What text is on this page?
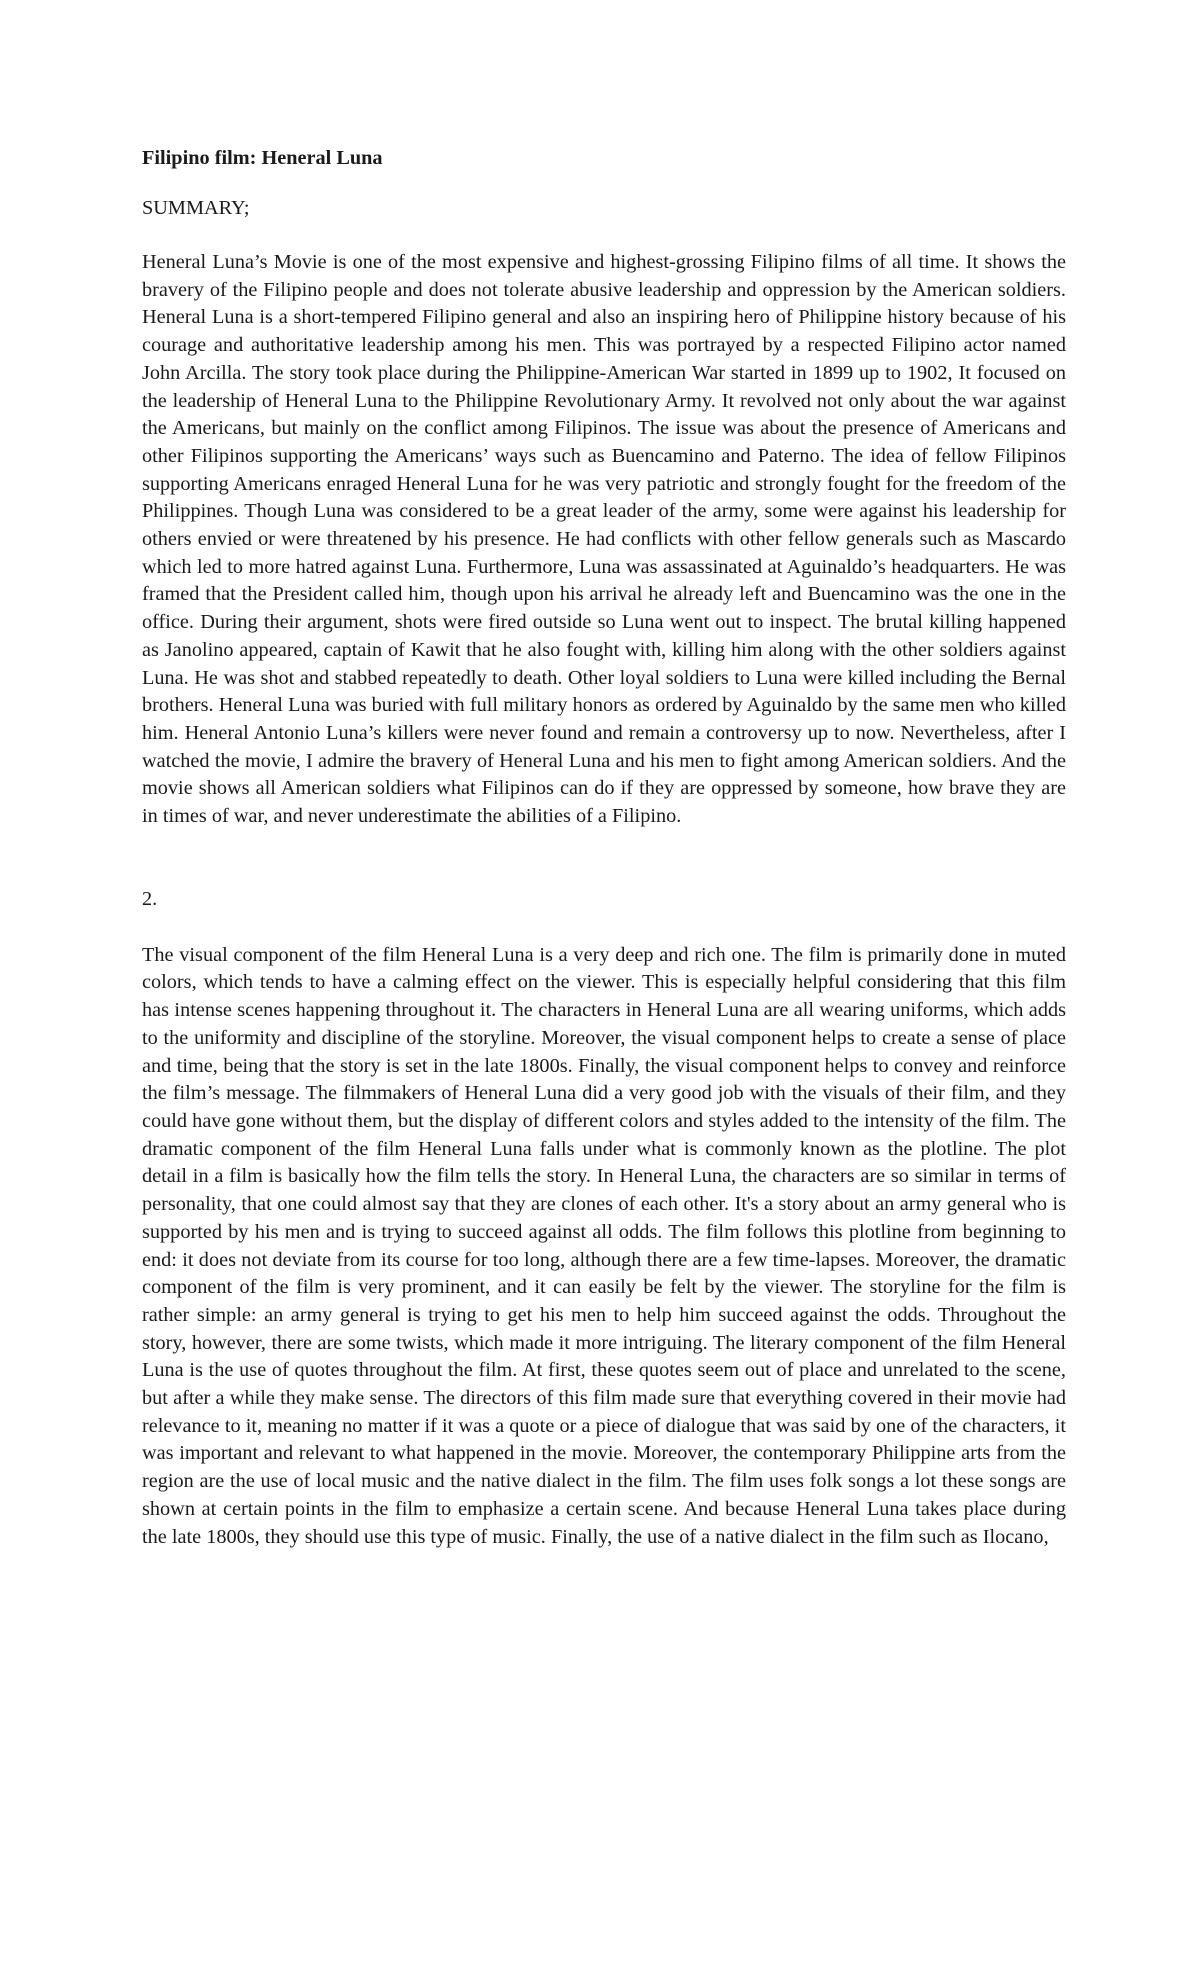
Filipino film: Heneral Luna

SUMMARY;

Heneral Luna’s Movie is one of the most expensive and highest-grossing Filipino films of all time. It shows the bravery of the Filipino people and does not tolerate abusive leadership and oppression by the American soldiers. Heneral Luna is a short-tempered Filipino general and also an inspiring hero of Philippine history because of his courage and authoritative leadership among his men. This was portrayed by a respected Filipino actor named John Arcilla. The story took place during the Philippine-American War started in 1899 up to 1902, It focused on the leadership of Heneral Luna to the Philippine Revolutionary Army. It revolved not only about the war against the Americans, but mainly on the conflict among Filipinos. The issue was about the presence of Americans and other Filipinos supporting the Americans’ ways such as Buencamino and Paterno. The idea of fellow Filipinos supporting Americans enraged Heneral Luna for he was very patriotic and strongly fought for the freedom of the Philippines. Though Luna was considered to be a great leader of the army, some were against his leadership for others envied or were threatened by his presence. He had conflicts with other fellow generals such as Mascardo which led to more hatred against Luna. Furthermore, Luna was assassinated at Aguinaldo’s headquarters. He was framed that the President called him, though upon his arrival he already left and Buencamino was the one in the office. During their argument, shots were fired outside so Luna went out to inspect. The brutal killing happened as Janolino appeared, captain of Kawit that he also fought with, killing him along with the other soldiers against Luna. He was shot and stabbed repeatedly to death. Other loyal soldiers to Luna were killed including the Bernal brothers. Heneral Luna was buried with full military honors as ordered by Aguinaldo by the same men who killed him. Heneral Antonio Luna’s killers were never found and remain a controversy up to now. Nevertheless, after I watched the movie, I admire the bravery of Heneral Luna and his men to fight among American soldiers. And the movie shows all American soldiers what Filipinos can do if they are oppressed by someone, how brave they are in times of war, and never underestimate the abilities of a Filipino.

2.

The visual component of the film Heneral Luna is a very deep and rich one. The film is primarily done in muted colors, which tends to have a calming effect on the viewer. This is especially helpful considering that this film has intense scenes happening throughout it. The characters in Heneral Luna are all wearing uniforms, which adds to the uniformity and discipline of the storyline. Moreover, the visual component helps to create a sense of place and time, being that the story is set in the late 1800s. Finally, the visual component helps to convey and reinforce the film’s message. The filmmakers of Heneral Luna did a very good job with the visuals of their film, and they could have gone without them, but the display of different colors and styles added to the intensity of the film. The dramatic component of the film Heneral Luna falls under what is commonly known as the plotline. The plot detail in a film is basically how the film tells the story. In Heneral Luna, the characters are so similar in terms of personality, that one could almost say that they are clones of each other. It's a story about an army general who is supported by his men and is trying to succeed against all odds. The film follows this plotline from beginning to end: it does not deviate from its course for too long, although there are a few time-lapses. Moreover, the dramatic component of the film is very prominent, and it can easily be felt by the viewer. The storyline for the film is rather simple: an army general is trying to get his men to help him succeed against the odds. Throughout the story, however, there are some twists, which made it more intriguing. The literary component of the film Heneral Luna is the use of quotes throughout the film. At first, these quotes seem out of place and unrelated to the scene, but after a while they make sense. The directors of this film made sure that everything covered in their movie had relevance to it, meaning no matter if it was a quote or a piece of dialogue that was said by one of the characters, it was important and relevant to what happened in the movie. Moreover, the contemporary Philippine arts from the region are the use of local music and the native dialect in the film. The film uses folk songs a lot these songs are shown at certain points in the film to emphasize a certain scene. And because Heneral Luna takes place during the late 1800s, they should use this type of music. Finally, the use of a native dialect in the film such as Ilocano,
